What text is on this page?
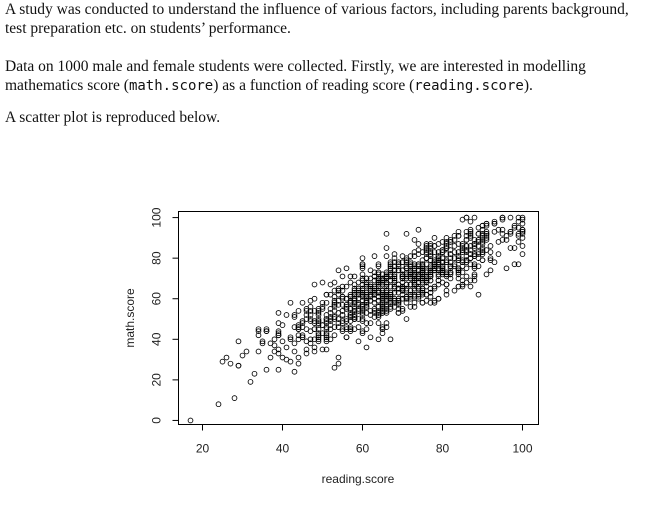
A study was conducted to understand the influence of various factors, including parents background, test preparation etc. on students’ performance.

Data on 1000 male and female students were collected. Firstly, we are interested in modelling mathematics score (math.score) as a function of reading score (reading.score).

A scatter plot is reproduced below.

20	40	60	80	100
0
20
40
60
80
100
reading.score
math.score
